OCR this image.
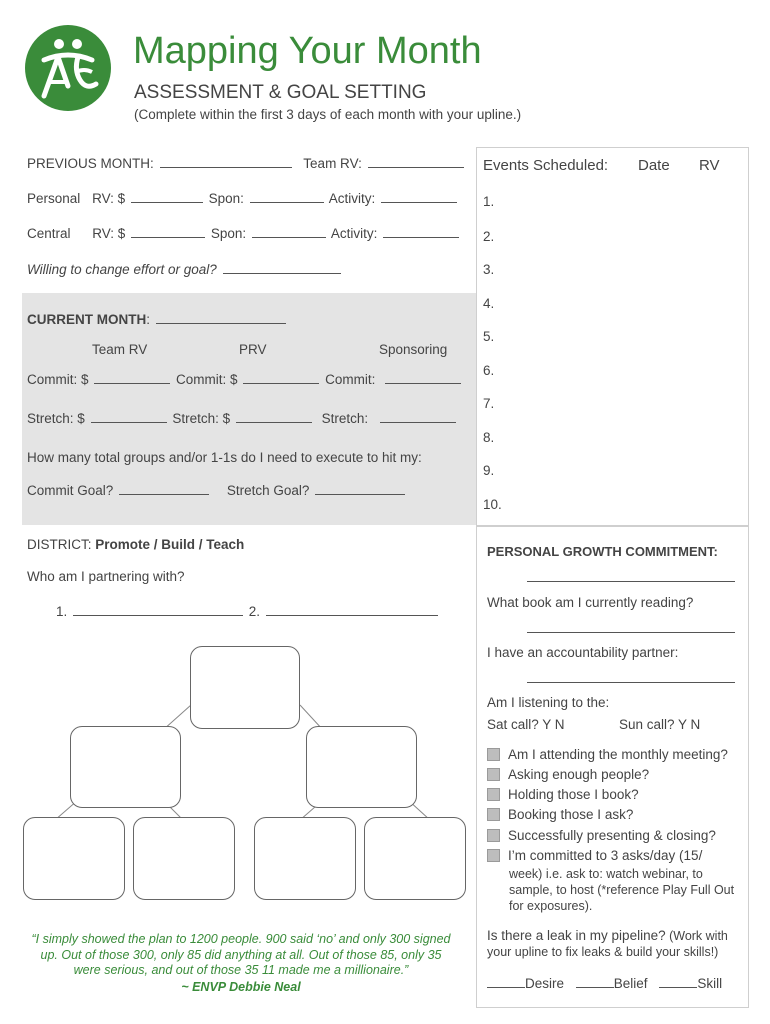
Mapping Your Month
ASSESSMENT & GOAL SETTING
(Complete within the first 3 days of each month with your upline.)
PREVIOUS MONTH:	Team RV:
Personal RV: $	Spon:	Activity:
Central RV: $	Spon:	Activity:
Willing to change effort or goal?
CURRENT MONTH:
Team RV	PRV	Sponsoring
Commit: $	Commit: $	Commit:
Stretch: $	Stretch: $	Stretch:
How many total groups and/or 1-1s do I need to execute to hit my:
Commit Goal?	Stretch Goal?
Events Scheduled: Date RV
1.
2.
3.
4.
5.
6.
7.
8.
9.
10.
DISTRICT: Promote / Build / Teach
Who am I partnering with?
1.	2.
“I simply showed the plan to 1200 people. 900 said ‘no’ and only 300 signed up. Out of those 300, only 85 did anything at all. Out of those 85, only 35 were serious, and out of those 35 11 made me a millionaire.”
~ ENVP Debbie Neal
PERSONAL GROWTH COMMITMENT:
What book am I currently reading?
I have an accountability partner:
Am I listening to the:
Sat call? Y N	Sun call? Y N
Am I attending the monthly meeting?
Asking enough people?
Holding those I book?
Booking those I ask?
Successfully presenting & closing?
I’m committed to 3 asks/day (15/
week) i.e. ask to: watch webinar, to sample, to host (*reference Play Full Out for exposures).
Is there a leak in my pipeline? (Work with your upline to fix leaks & build your skills!)
Desire	Belief	Skill
